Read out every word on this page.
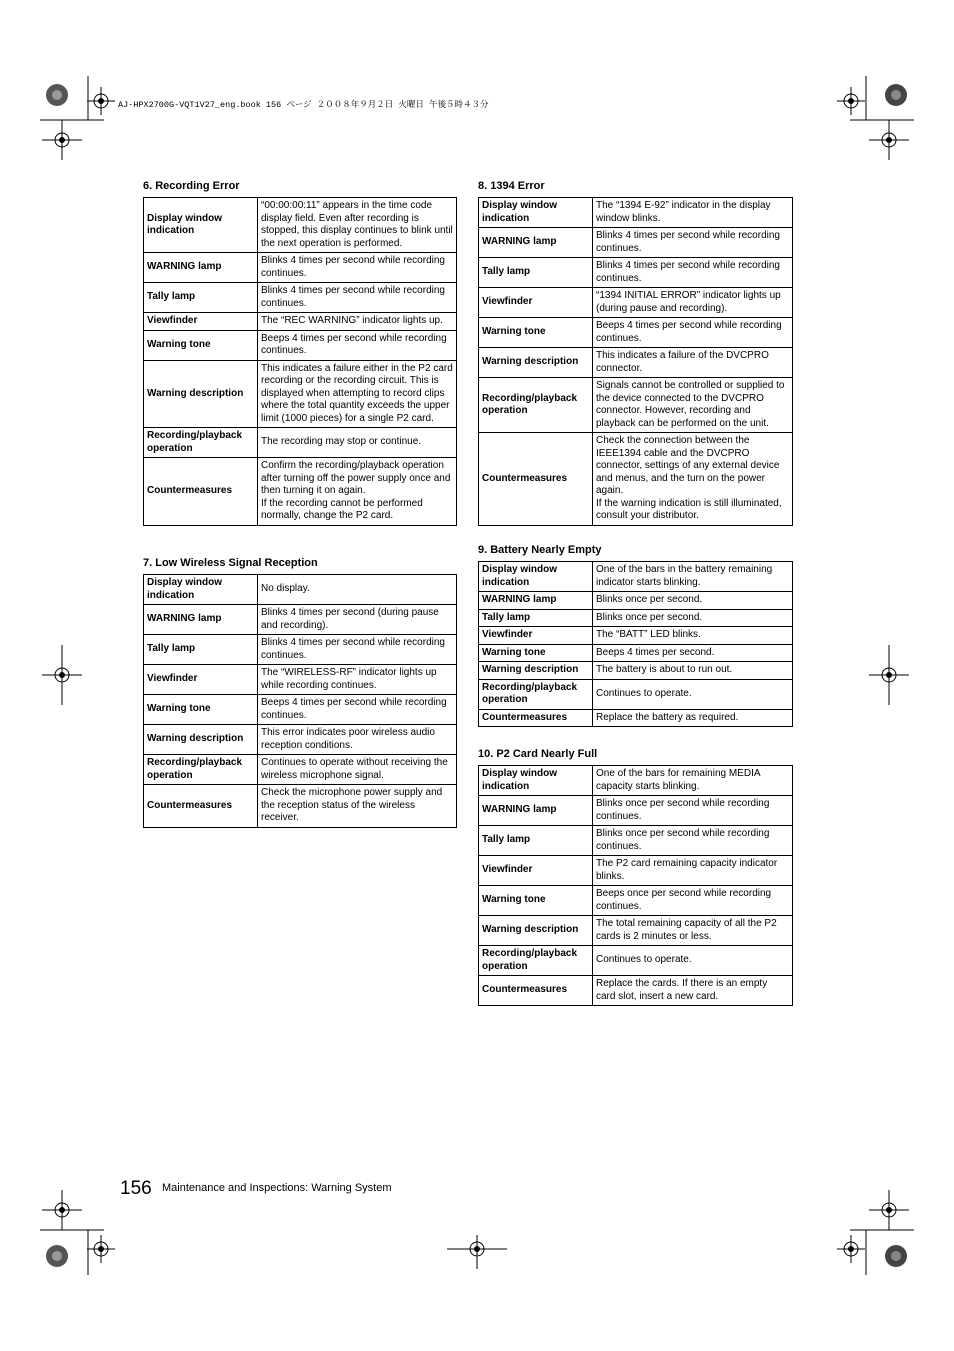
AJ-HPX2700G-VQT1V27_eng.book 156 ページ ２００８年９月２日 火曜日 午後５時４３分
6. Recording Error
Display window indication	“00:00:00:11” appears in the time code display field. Even after recording is stopped, this display continues to blink until the next operation is performed.
WARNING lamp	Blinks 4 times per second while recording continues.
Tally lamp	Blinks 4 times per second while recording continues.
Viewfinder	The “REC WARNING” indicator lights up.
Warning tone	Beeps 4 times per second while recording continues.
Warning description	This indicates a failure either in the P2 card recording or the recording circuit. This is displayed when attempting to record clips where the total quantity exceeds the upper limit (1000 pieces) for a single P2 card.
Recording/playback operation	The recording may stop or continue.
Countermeasures	Confirm the recording/playback operation after turning off the power supply once and then turning it on again.
If the recording cannot be performed normally, change the P2 card.
7. Low Wireless Signal Reception
Display window indication	No display.
WARNING lamp	Blinks 4 times per second (during pause and recording).
Tally lamp	Blinks 4 times per second while recording continues.
Viewfinder	The “WIRELESS-RF” indicator lights up while recording continues.
Warning tone	Beeps 4 times per second while recording continues.
Warning description	This error indicates poor wireless audio reception conditions.
Recording/playback operation	Continues to operate without receiving the wireless microphone signal.
Countermeasures	Check the microphone power supply and the reception status of the wireless receiver.
8. 1394 Error
Display window indication	The “1394 E-92” indicator in the display window blinks.
WARNING lamp	Blinks 4 times per second while recording continues.
Tally lamp	Blinks 4 times per second while recording continues.
Viewfinder	“1394 INITIAL ERROR” indicator lights up (during pause and recording).
Warning tone	Beeps 4 times per second while recording continues.
Warning description	This indicates a failure of the DVCPRO connector.
Recording/playback operation	Signals cannot be controlled or supplied to the device connected to the DVCPRO connector. However, recording and playback can be performed on the unit.
Countermeasures	Check the connection between the IEEE1394 cable and the DVCPRO connector, settings of any external device and menus, and the turn on the power again.
If the warning indication is still illuminated, consult your distributor.
9. Battery Nearly Empty
Display window indication	One of the bars in the battery remaining indicator starts blinking.
WARNING lamp	Blinks once per second.
Tally lamp	Blinks once per second.
Viewfinder	The “BATT” LED blinks.
Warning tone	Beeps 4 times per second.
Warning description	The battery is about to run out.
Recording/playback operation	Continues to operate.
Countermeasures	Replace the battery as required.
10. P2 Card Nearly Full
Display window indication	One of the bars for remaining MEDIA capacity starts blinking.
WARNING lamp	Blinks once per second while recording continues.
Tally lamp	Blinks once per second while recording continues.
Viewfinder	The P2 card remaining capacity indicator blinks.
Warning tone	Beeps once per second while recording continues.
Warning description	The total remaining capacity of all the P2 cards is 2 minutes or less.
Recording/playback operation	Continues to operate.
Countermeasures	Replace the cards. If there is an empty card slot, insert a new card.
156 Maintenance and Inspections: Warning System
